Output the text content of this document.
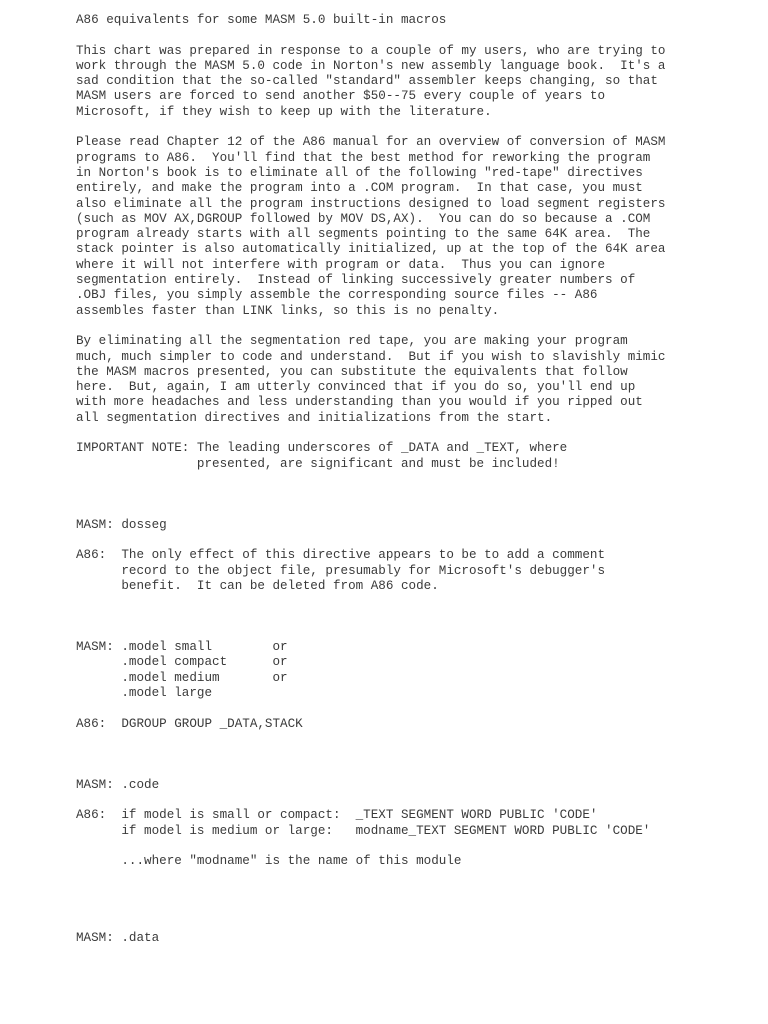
A86 equivalents for some MASM 5.0 built-in macros
This chart was prepared in response to a couple of my users, who are trying to
work through the MASM 5.0 code in Norton's new assembly language book.  It's a
sad condition that the so-called "standard" assembler keeps changing, so that
MASM users are forced to send another $50--75 every couple of years to
Microsoft, if they wish to keep up with the literature.
Please read Chapter 12 of the A86 manual for an overview of conversion of MASM
programs to A86.  You'll find that the best method for reworking the program
in Norton's book is to eliminate all of the following "red-tape" directives
entirely, and make the program into a .COM program.  In that case, you must
also eliminate all the program instructions designed to load segment registers
(such as MOV AX,DGROUP followed by MOV DS,AX).  You can do so because a .COM
program already starts with all segments pointing to the same 64K area.  The
stack pointer is also automatically initialized, up at the top of the 64K area
where it will not interfere with program or data.  Thus you can ignore
segmentation entirely.  Instead of linking successively greater numbers of
.OBJ files, you simply assemble the corresponding source files -- A86
assembles faster than LINK links, so this is no penalty.
By eliminating all the segmentation red tape, you are making your program
much, much simpler to code and understand.  But if you wish to slavishly mimic
the MASM macros presented, you can substitute the equivalents that follow
here.  But, again, I am utterly convinced that if you do so, you'll end up
with more headaches and less understanding than you would if you ripped out
all segmentation directives and initializations from the start.
IMPORTANT NOTE: The leading underscores of _DATA and _TEXT, where
presented, are significant and must be included!
MASM: dosseg
A86:  The only effect of this directive appears to be to add a comment
record to the object file, presumably for Microsoft's debugger's
benefit.  It can be deleted from A86 code.
MASM: .model small        or
.model compact      or
.model medium       or
.model large
A86:  DGROUP GROUP _DATA,STACK
MASM: .code
A86:  if model is small or compact:  _TEXT SEGMENT WORD PUBLIC 'CODE'
if model is medium or large:   modname_TEXT SEGMENT WORD PUBLIC 'CODE'
...where "modname" is the name of this module
MASM: .data
